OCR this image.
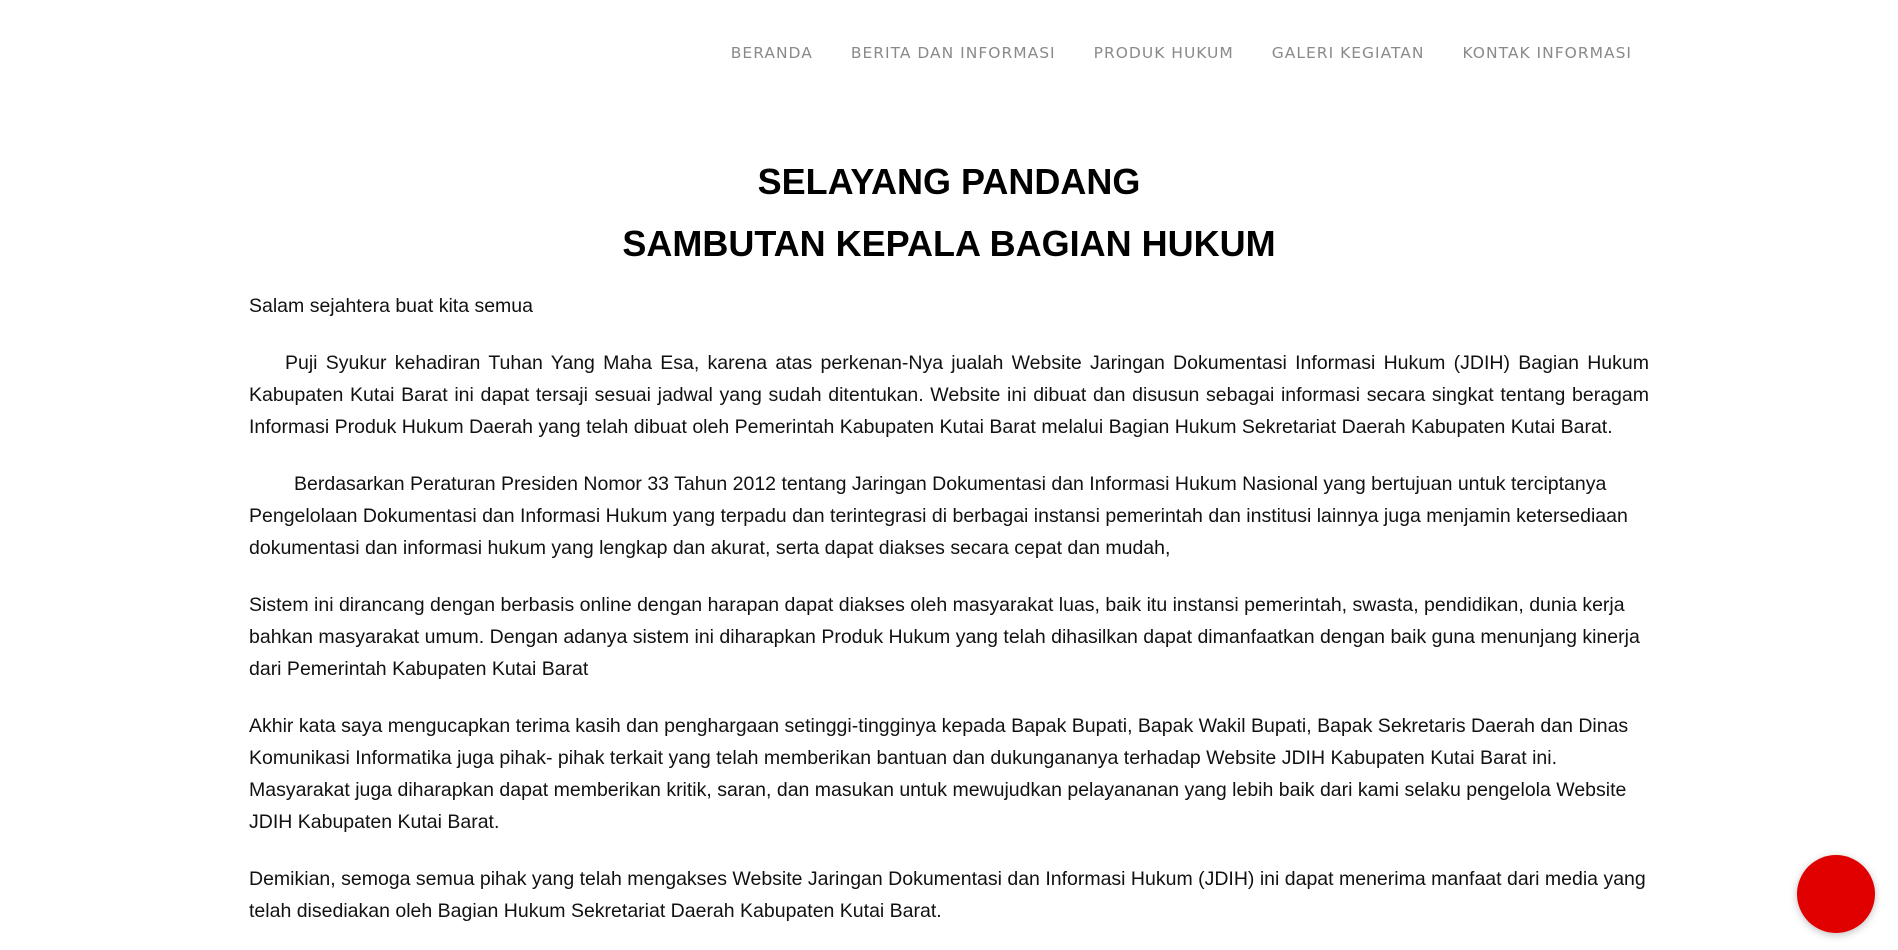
BERANDA BERITA DAN INFORMASI PRODUK HUKUM GALERI KEGIATAN KONTAK INFORMASI
SELAYANG PANDANG
SAMBUTAN KEPALA BAGIAN HUKUM

Salam sejahtera buat kita semua

Puji Syukur kehadiran Tuhan Yang Maha Esa, karena atas perkenan-Nya jualah Website Jaringan Dokumentasi Informasi Hukum (JDIH) Bagian Hukum Kabupaten Kutai Barat ini dapat tersaji sesuai jadwal yang sudah ditentukan. Website ini dibuat dan disusun sebagai informasi secara singkat tentang beragam Informasi Produk Hukum Daerah yang telah dibuat oleh Pemerintah Kabupaten Kutai Barat melalui Bagian Hukum Sekretariat Daerah Kabupaten Kutai Barat.

Berdasarkan Peraturan Presiden Nomor 33 Tahun 2012 tentang Jaringan Dokumentasi dan Informasi Hukum Nasional yang bertujuan untuk terciptanya Pengelolaan Dokumentasi dan Informasi Hukum yang terpadu dan terintegrasi di berbagai instansi pemerintah dan institusi lainnya juga menjamin ketersediaan dokumentasi dan informasi hukum yang lengkap dan akurat, serta dapat diakses secara cepat dan mudah,

Sistem ini dirancang dengan berbasis online dengan harapan dapat diakses oleh masyarakat luas, baik itu instansi pemerintah, swasta, pendidikan, dunia kerja bahkan masyarakat umum. Dengan adanya sistem ini diharapkan Produk Hukum yang telah dihasilkan dapat dimanfaatkan dengan baik guna menunjang kinerja dari Pemerintah Kabupaten Kutai Barat

Akhir kata saya mengucapkan terima kasih dan penghargaan setinggi-tingginya kepada Bapak Bupati, Bapak Wakil Bupati, Bapak Sekretaris Daerah dan Dinas Komunikasi Informatika juga pihak- pihak terkait yang telah memberikan bantuan dan dukungananya terhadap Website JDIH Kabupaten Kutai Barat ini. Masyarakat juga diharapkan dapat memberikan kritik, saran, dan masukan untuk mewujudkan pelayananan yang lebih baik dari kami selaku pengelola Website JDIH Kabupaten Kutai Barat.

Demikian, semoga semua pihak yang telah mengakses Website Jaringan Dokumentasi dan Informasi Hukum (JDIH) ini dapat menerima manfaat dari media yang telah disediakan oleh Bagian Hukum Sekretariat Daerah Kabupaten Kutai Barat.
